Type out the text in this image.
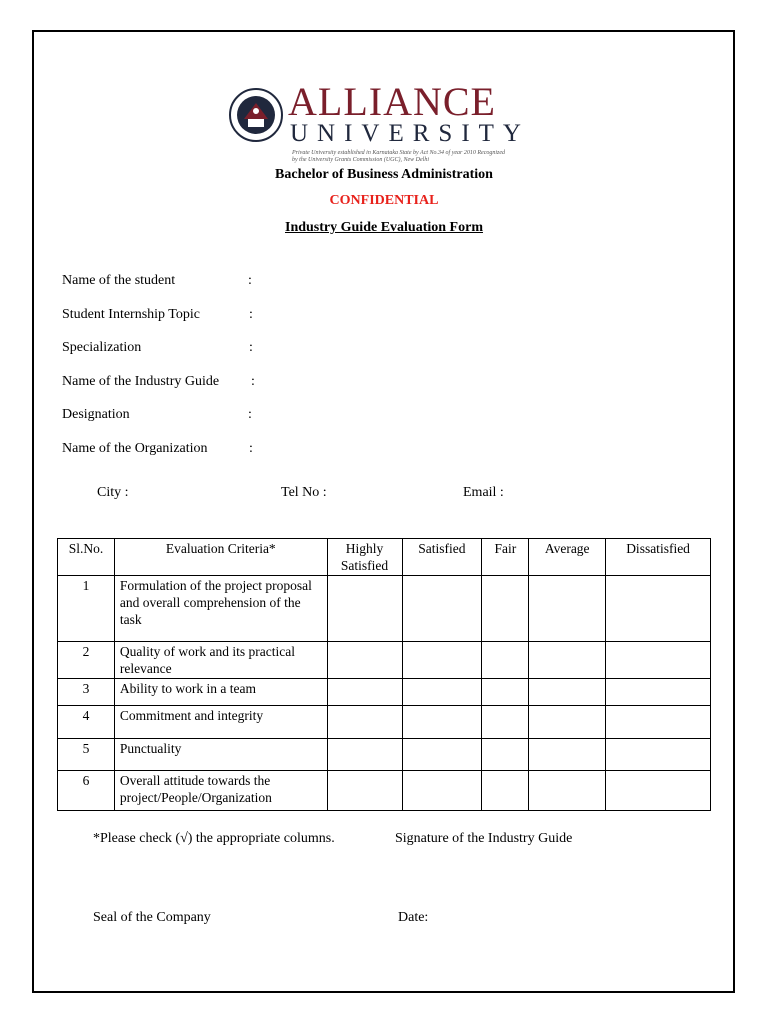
ALLIANCE
UNIVERSITY
Private University established in Karnataka State by Act No.34 of year 2010 Recognized by the University Grants Commission (UGC), New Delhi
Bachelor of Business Administration
CONFIDENTIAL
Industry Guide Evaluation Form
Name of the student	:
Student Internship Topic	:
Specialization	:
Name of the Industry Guide :
Designation	:
Name of the Organization	:
City :	Tel No :	Email :
Sl.No.	Evaluation Criteria*	Highly Satisfied	Satisfied	Fair	Average	Dissatisfied
1	Formulation of the project proposal and overall comprehension of the task					
2	Quality of work and its practical relevance					
3	Ability to work in a team					
4	Commitment and integrity					
5	Punctuality					
6	Overall attitude towards the project/People/Organization					
*Please check (√) the appropriate columns.	Signature of the Industry Guide
Seal of the Company	Date:
